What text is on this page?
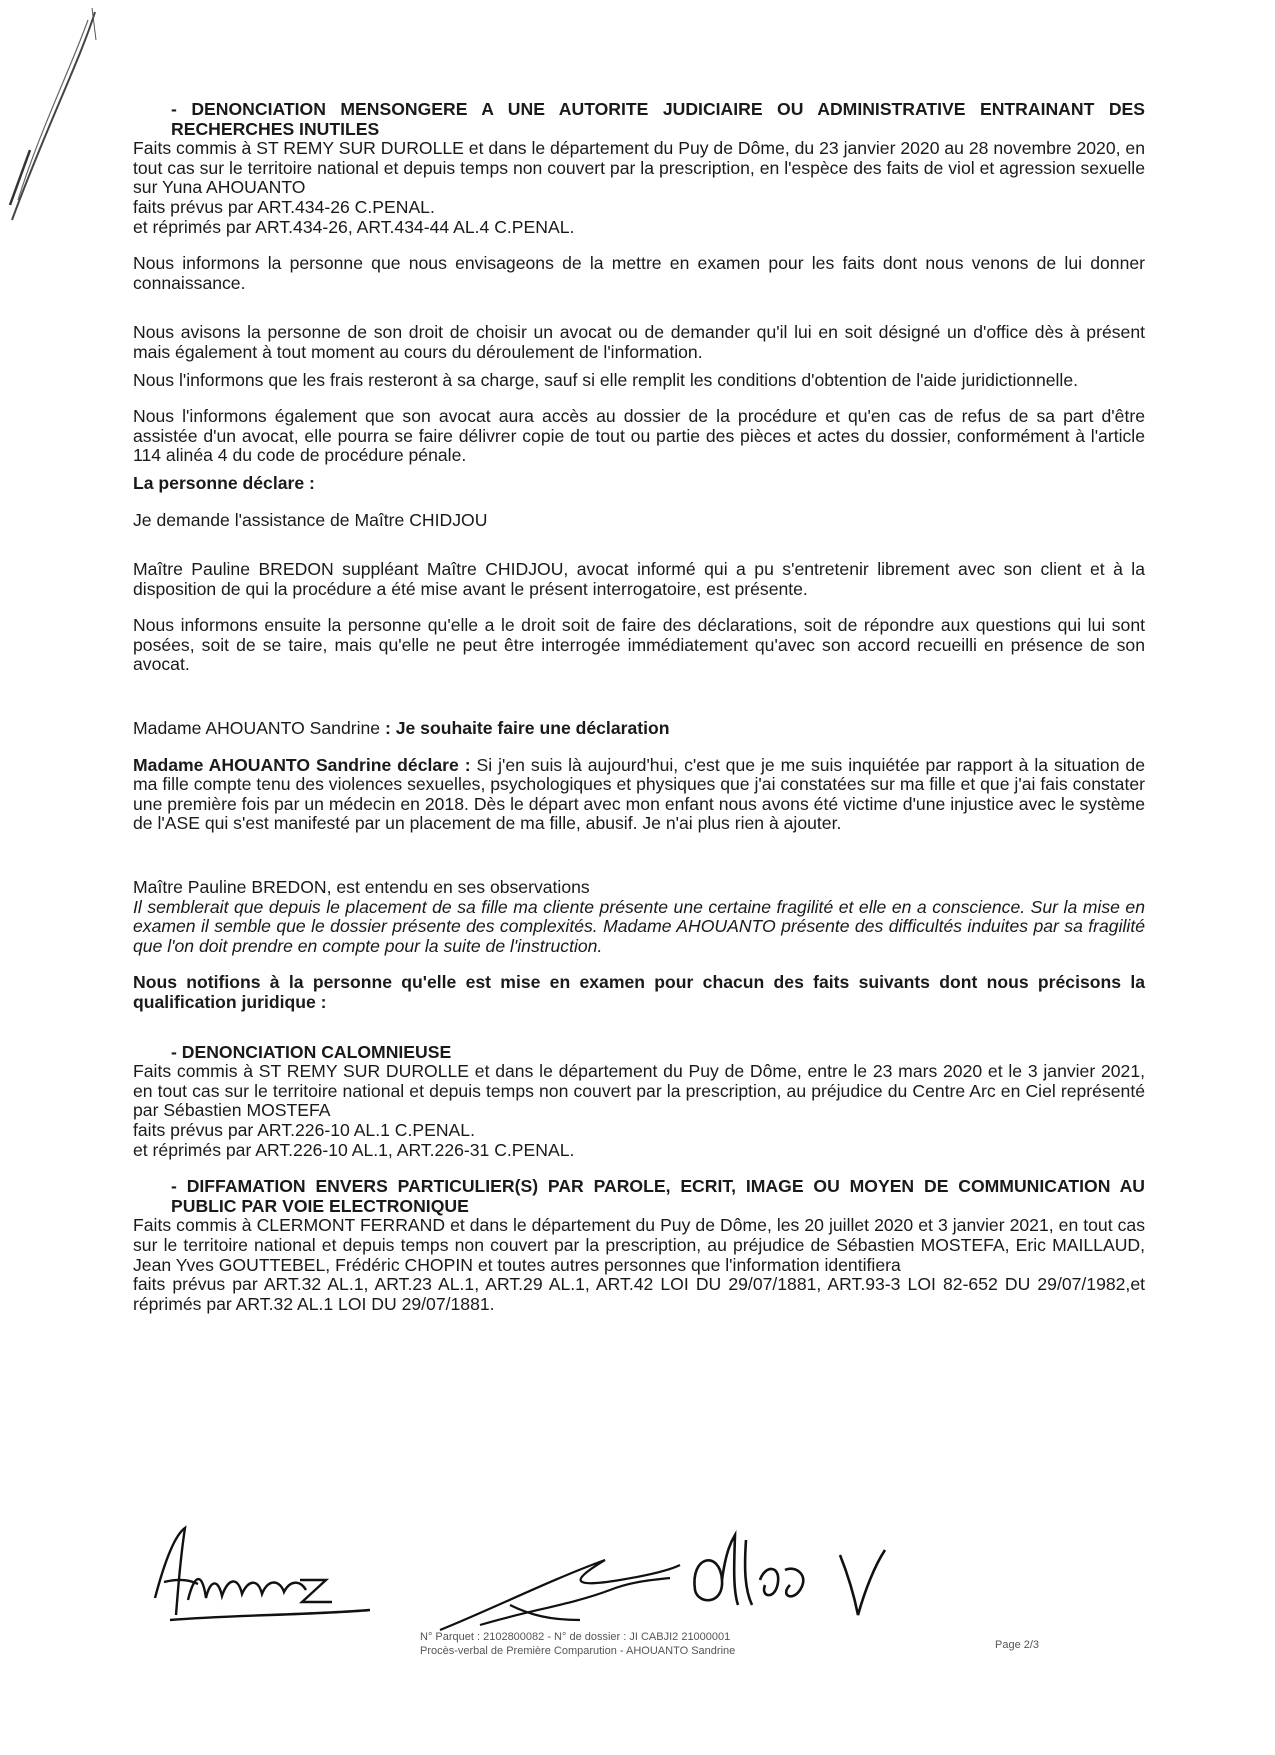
- DENONCIATION MENSONGERE A UNE AUTORITE JUDICIAIRE OU ADMINISTRATIVE ENTRAINANT DES RECHERCHES INUTILES

Faits commis à ST REMY SUR DUROLLE et dans le département du Puy de Dôme, du 23 janvier 2020 au 28 novembre 2020, en tout cas sur le territoire national et depuis temps non couvert par la prescription, en l'espèce des faits de viol et agression sexuelle sur Yuna AHOUANTO

faits prévus par ART.434-26 C.PENAL.

et réprimés par ART.434-26, ART.434-44 AL.4 C.PENAL.

Nous informons la personne que nous envisageons de la mettre en examen pour les faits dont nous venons de lui donner connaissance.

Nous avisons la personne de son droit de choisir un avocat ou de demander qu'il lui en soit désigné un d'office dès à présent mais également à tout moment au cours du déroulement de l'information.

Nous l'informons que les frais resteront à sa charge, sauf si elle remplit les conditions d'obtention de l'aide juridictionnelle.

Nous l'informons également que son avocat aura accès au dossier de la procédure et qu'en cas de refus de sa part d'être assistée d'un avocat, elle pourra se faire délivrer copie de tout ou partie des pièces et actes du dossier, conformément à l'article 114 alinéa 4 du code de procédure pénale.

La personne déclare :

Je demande l'assistance de Maître CHIDJOU

Maître Pauline BREDON suppléant Maître CHIDJOU, avocat informé qui a pu s'entretenir librement avec son client et à la disposition de qui la procédure a été mise avant le présent interrogatoire, est présente.

Nous informons ensuite la personne qu'elle a le droit soit de faire des déclarations, soit de répondre aux questions qui lui sont posées, soit de se taire, mais qu'elle ne peut être interrogée immédiatement qu'avec son accord recueilli en présence de son avocat.

Madame AHOUANTO Sandrine : Je souhaite faire une déclaration

Madame AHOUANTO Sandrine déclare : Si j'en suis là aujourd'hui, c'est que je me suis inquiétée par rapport à la situation de ma fille compte tenu des violences sexuelles, psychologiques et physiques que j'ai constatées sur ma fille et que j'ai fais constater une première fois par un médecin en 2018. Dès le départ avec mon enfant nous avons été victime d'une injustice avec le système de l'ASE qui s'est manifesté par un placement de ma fille, abusif. Je n'ai plus rien à ajouter.

Maître Pauline BREDON, est entendu en ses observations

Il semblerait que depuis le placement de sa fille ma cliente présente une certaine fragilité et elle en a conscience. Sur la mise en examen il semble que le dossier présente des complexités. Madame AHOUANTO présente des difficultés induites par sa fragilité que l'on doit prendre en compte pour la suite de l'instruction.

Nous notifions à la personne qu'elle est mise en examen pour chacun des faits suivants dont nous précisons la qualification juridique :

- DENONCIATION CALOMNIEUSE

Faits commis à ST REMY SUR DUROLLE et dans le département du Puy de Dôme, entre le 23 mars 2020 et le 3 janvier 2021, en tout cas sur le territoire national et depuis temps non couvert par la prescription, au préjudice du Centre Arc en Ciel représenté par Sébastien MOSTEFA

faits prévus par ART.226-10 AL.1 C.PENAL.

et réprimés par ART.226-10 AL.1, ART.226-31 C.PENAL.

- DIFFAMATION ENVERS PARTICULIER(S) PAR PAROLE, ECRIT, IMAGE OU MOYEN DE COMMUNICATION AU PUBLIC PAR VOIE ELECTRONIQUE

Faits commis à CLERMONT FERRAND et dans le département du Puy de Dôme, les 20 juillet 2020 et 3 janvier 2021, en tout cas sur le territoire national et depuis temps non couvert par la prescription, au préjudice de Sébastien MOSTEFA, Eric MAILLAUD, Jean Yves GOUTTEBEL, Frédéric CHOPIN et toutes autres personnes que l'information identifiera

faits prévus par ART.32 AL.1, ART.23 AL.1, ART.29 AL.1, ART.42 LOI DU 29/07/1881, ART.93-3 LOI 82-652 DU 29/07/1982,et réprimés par ART.32 AL.1 LOI DU 29/07/1881.

N° Parquet : 2102800082 - N° de dossier : JI CABJI2 21000001
Procès-verbal de Première Comparution - AHOUANTO Sandrine	Page 2/3
